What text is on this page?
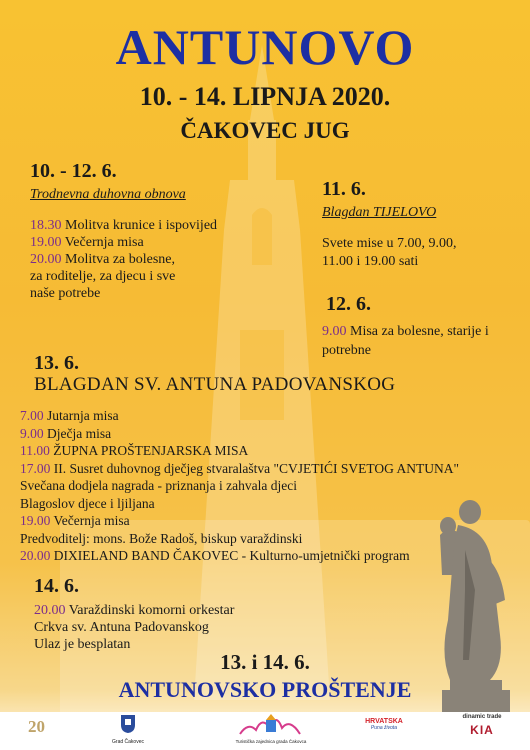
ANTUNOVO
10. - 14. LIPNJA 2020.
ČAKOVEC JUG
10. - 12. 6.
Trodnevna duhovna obnova
18.30 Molitva krunice i ispovijed
19.00 Večernja misa
20.00 Molitva za bolesne,
za roditelje, za djecu i sve
naše potrebe
11. 6.
Blagdan TIJELOVO
Svete mise u 7.00, 9.00,
11.00 i 19.00 sati
12. 6.
9.00 Misa za bolesne, starije i
potrebne
13. 6.
BLAGDAN SV. ANTUNA PADOVANSKOG
7.00 Jutarnja misa
9.00 Dječja misa
11.00 ŽUPNA PROŠTENJARSKA MISA
17.00 II. Susret duhovnog dječjeg stvaralaštva "CVJETIĆI SVETOG ANTUNA"
Svečana dodjela nagrada - priznanja i zahvala djeci
Blagoslov djece i ljiljana
19.00 Večernja misa
Predvoditelj: mons. Bože Radoš, biskup varaždinski
20.00 DIXIELAND BAND ČAKOVEC - Kulturno-umjetnički program
14. 6.
20.00 Varaždinski komorni orkestar
Crkva sv. Antuna Padovanskog
Ulaz je besplatan
13. i 14. 6.
ANTUNOVSKO PROŠTENJE
20
Grad Čakovec	Turistička zajednica grada Čakovca
HRVATSKA
Puna života
dinamic trade
KIA
